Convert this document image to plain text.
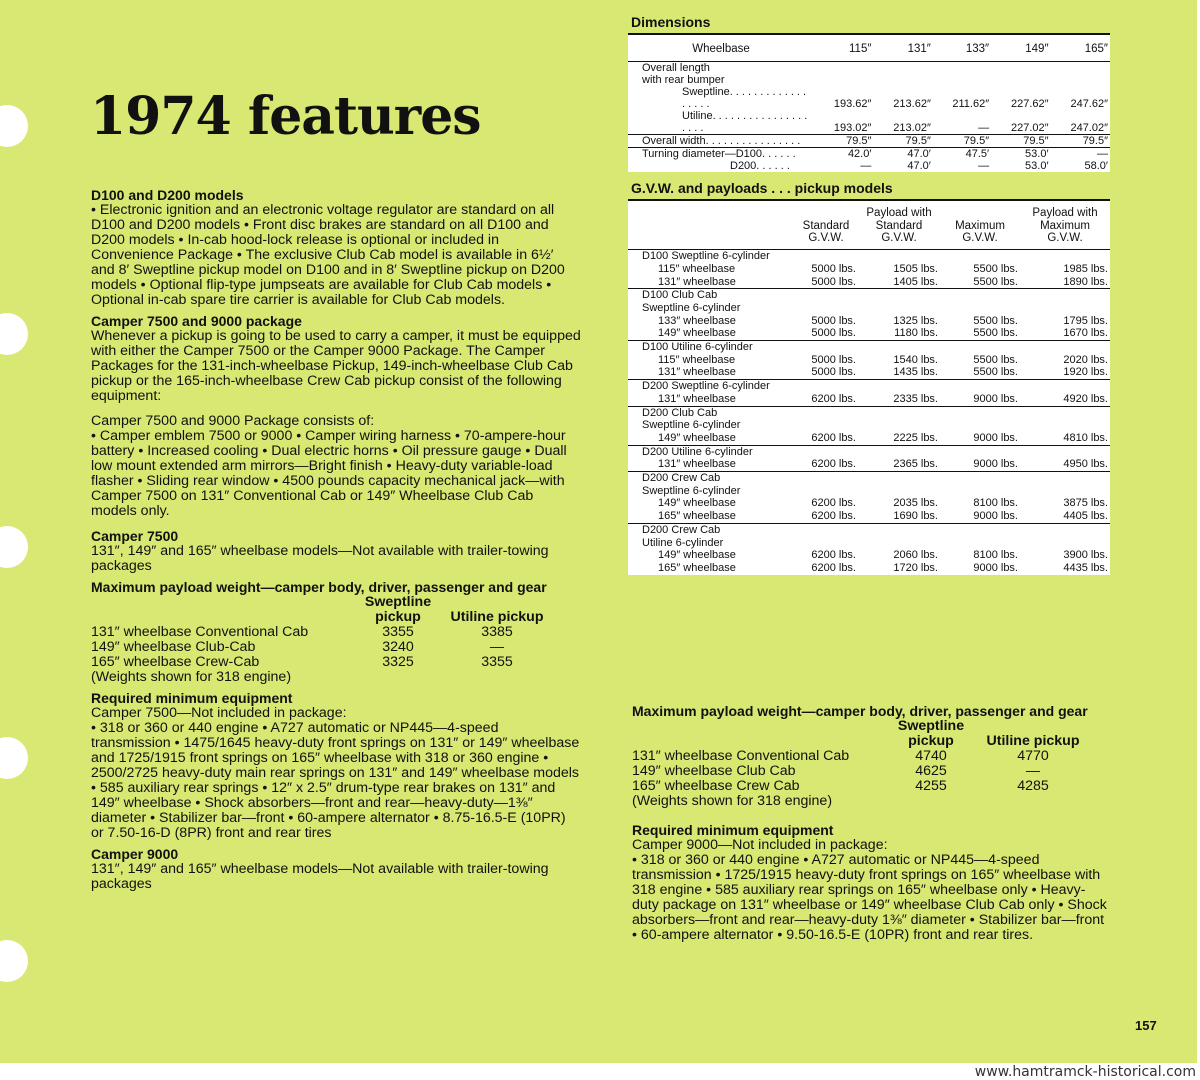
1974 features

D100 and D200 models

• Electronic ignition and an electronic voltage regulator are standard on all D100 and D200 models • Front disc brakes are standard on all D100 and D200 models • In-cab hood-lock release is optional or included in Convenience Package • The exclusive Club Cab model is available in 6½′ and 8′ Sweptline pickup model on D100 and in 8′ Sweptline pickup on D200 models • Optional flip-type jumpseats are available for Club Cab models • Optional in-cab spare tire carrier is available for Club Cab models.

Camper 7500 and 9000 package

Whenever a pickup is going to be used to carry a camper, it must be equipped with either the Camper 7500 or the Camper 9000 Package. The Camper Packages for the 131-inch-wheelbase Pickup, 149-inch-wheelbase Club Cab pickup or the 165-inch-wheelbase Crew Cab pickup consist of the following equipment:

Camper 7500 and 9000 Package consists of:

• Camper emblem 7500 or 9000 • Camper wiring harness • 70-ampere-hour battery • Increased cooling • Dual electric horns • Oil pressure gauge • Duall low mount extended arm mirrors—Bright finish • Heavy-duty variable-load flasher • Sliding rear window • 4500 pounds capacity mechanical jack—with Camper 7500 on 131″ Conventional Cab or 149″ Wheelbase Club Cab models only.

Camper 7500

131″, 149″ and 165″ wheelbase models—Not available with trailer-towing packages

Maximum payload weight—camper body, driver, passenger and gear

	Sweptline pickup	Utiline pickup
131″ wheelbase Conventional Cab	3355	3385
149″ wheelbase Club-Cab	3240	—
165″ wheelbase Crew-Cab	3325	3355

(Weights shown for 318 engine)

Required minimum equipment

Camper 7500—Not included in package:

• 318 or 360 or 440 engine • A727 automatic or NP445—4-speed transmission • 1475/1645 heavy-duty front springs on 131″ or 149″ wheelbase and 1725/1915 front springs on 165″ wheelbase with 318 or 360 engine • 2500/2725 heavy-duty main rear springs on 131″ and 149″ wheelbase models • 585 auxiliary rear springs • 12″ x 2.5″ drum-type rear brakes on 131″ and 149″ wheelbase • Shock absorbers—front and rear—heavy-duty—1⅜″ diameter • Stabilizer bar—front • 60-ampere alternator • 8.75-16.5-E (10PR) or 7.50-16-D (8PR) front and rear tires

Camper 9000

131″, 149″ and 165″ wheelbase models—Not available with trailer-towing packages

Dimensions

Wheelbase	115″	131″	133″	149″	165″
Overall length					
with rear bumper					
Sweptline. . . . . . . . . . . . . . . . . .	193.62″	213.62″	211.62″	227.62″	247.62″
Utiline. . . . . . . . . . . . . . . . . . . .	193.02″	213.02″	—	227.02″	247.02″
Overall width. . . . . . . . . . . . . . . .	79.5″	79.5″	79.5″	79.5″	79.5″
Turning diameter—D100. . . . . .	42.0′	47.0′	47.5′	53.0′	—
D200. . . . . .	—	47.0′	—	53.0′	58.0′

G.V.W. and payloads . . . pickup models

	Standard G.V.W.	Payload with Standard G.V.W.	Maximum G.V.W.	Payload with Maximum G.V.W.
D100 Sweptline 6-cylinder				
115″ wheelbase	5000 lbs.	1505 lbs.	5500 lbs.	1985 lbs.
131″ wheelbase	5000 lbs.	1405 lbs.	5500 lbs.	1890 lbs.
D100 Club Cab				
Sweptline 6-cylinder				
133″ wheelbase	5000 lbs.	1325 lbs.	5500 lbs.	1795 lbs.
149″ wheelbase	5000 lbs.	1180 lbs.	5500 lbs.	1670 lbs.
D100 Utiline 6-cylinder				
115″ wheelbase	5000 lbs.	1540 lbs.	5500 lbs.	2020 lbs.
131″ wheelbase	5000 lbs.	1435 lbs.	5500 lbs.	1920 lbs.
D200 Sweptline 6-cylinder				
131″ wheelbase	6200 lbs.	2335 lbs.	9000 lbs.	4920 lbs.
D200 Club Cab				
Sweptline 6-cylinder				
149″ wheelbase	6200 lbs.	2225 lbs.	9000 lbs.	4810 lbs.
D200 Utiline 6-cylinder				
131″ wheelbase	6200 lbs.	2365 lbs.	9000 lbs.	4950 lbs.
D200 Crew Cab				
Sweptline 6-cylinder				
149″ wheelbase	6200 lbs.	2035 lbs.	8100 lbs.	3875 lbs.
165″ wheelbase	6200 lbs.	1690 lbs.	9000 lbs.	4405 lbs.
D200 Crew Cab				
Utiline 6-cylinder				
149″ wheelbase	6200 lbs.	2060 lbs.	8100 lbs.	3900 lbs.
165″ wheelbase	6200 lbs.	1720 lbs.	9000 lbs.	4435 lbs.

Maximum payload weight—camper body, driver, passenger and gear

	Sweptline pickup	Utiline pickup
131″ wheelbase Conventional Cab	4740	4770
149″ wheelbase Club Cab	4625	—
165″ wheelbase Crew Cab	4255	4285

(Weights shown for 318 engine)

Required minimum equipment

Camper 9000—Not included in package:

• 318 or 360 or 440 engine • A727 automatic or NP445—4-speed transmission • 1725/1915 heavy-duty front springs on 165″ wheelbase with 318 engine • 585 auxiliary rear springs on 165″ wheelbase only • Heavy-duty package on 131″ wheelbase or 149″ wheelbase Club Cab only • Shock absorbers—front and rear—heavy-duty 1⅜″ diameter • Stabilizer bar—front • 60-ampere alternator • 9.50-16.5-E (10PR) front and rear tires.

157
www.hamtramck-historical.com
